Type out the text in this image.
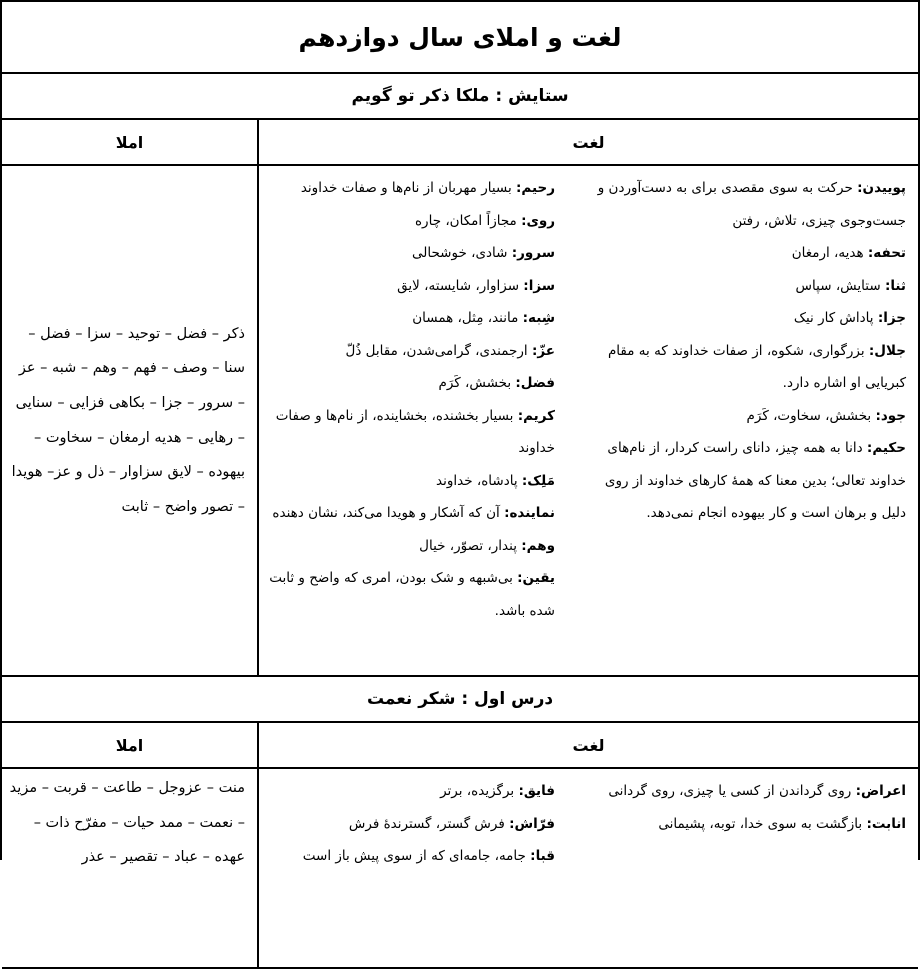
لغت و املای سال دوازدهم
ستایش : ملکا ذکر تو گویم
لغت
املا
پوییدن: حرکت به سوی مقصدی برای به دست‌آوردن و جست‌وجوی چیزی، تلاش، رفتن
تحفه: هدیه، ارمغان
ثنا: ستایش، سپاس
جزا: پاداش کار نیک
جلال: بزرگواری، شکوه، از صفات خداوند که به مقام کبریایی او اشاره دارد.
جود: بخشش، سخاوت، کَرَم
حکیم: دانا به همه چیز، دانای راست کردار، از نام‌های خداوند تعالی؛ بدین معنا که همهٔ کارهای خداوند از روی دلیل و برهان است و کار بیهوده انجام نمی‌دهد.
رحیم: بسیار مهربان از نام‌ها و صفات خداوند
روی: مجازاً امکان، چاره
سرور: شادی، خوشحالی
سزا: سزاوار، شایسته، لایق
شِبه: مانند، مِثل، همسان
عزّ: ارجمندی، گرامی‌شدن، مقابل ذُلّ
فضل: بخشش، کَرَم
کریم: بسیار بخشنده، بخشاینده، از نام‌ها و صفات خداوند
مَلِک: پادشاه، خداوند
نماینده: آن که آشکار و هویدا می‌کند، نشان دهنده
وهم: پندار، تصوّر، خیال
یقین: بی‌شبهه و شک بودن، امری که واضح و ثابت شده باشد.
ذکر – فضل – توحید – سزا – فضل – سنا – وصف – فهم – وهم – شبه – عز – سرور – جزا – بکاهی فزایی – سنایی – رهایی – هدیه ارمغان – سخاوت – بیهوده – لایق سزاوار – ذل و عز– هویدا – تصور واضح – ثابت
درس اول : شکر نعمت
لغت
املا
اعراض: روی گرداندن از کسی یا چیزی، روی گردانی
انابت: بازگشت به سوی خدا، توبه، پشیمانی
فایق: برگزیده، برتر
فرّاش: فرش گستر، گسترندهٔ فرش
قبا: جامه، جامه‌ای که از سوی پیش باز است
منت – عزوجل – طاعت – قربت – مزید – نعمت – ممد حیات – مفرّح ذات – عهده – عباد – تقصیر – عذر
